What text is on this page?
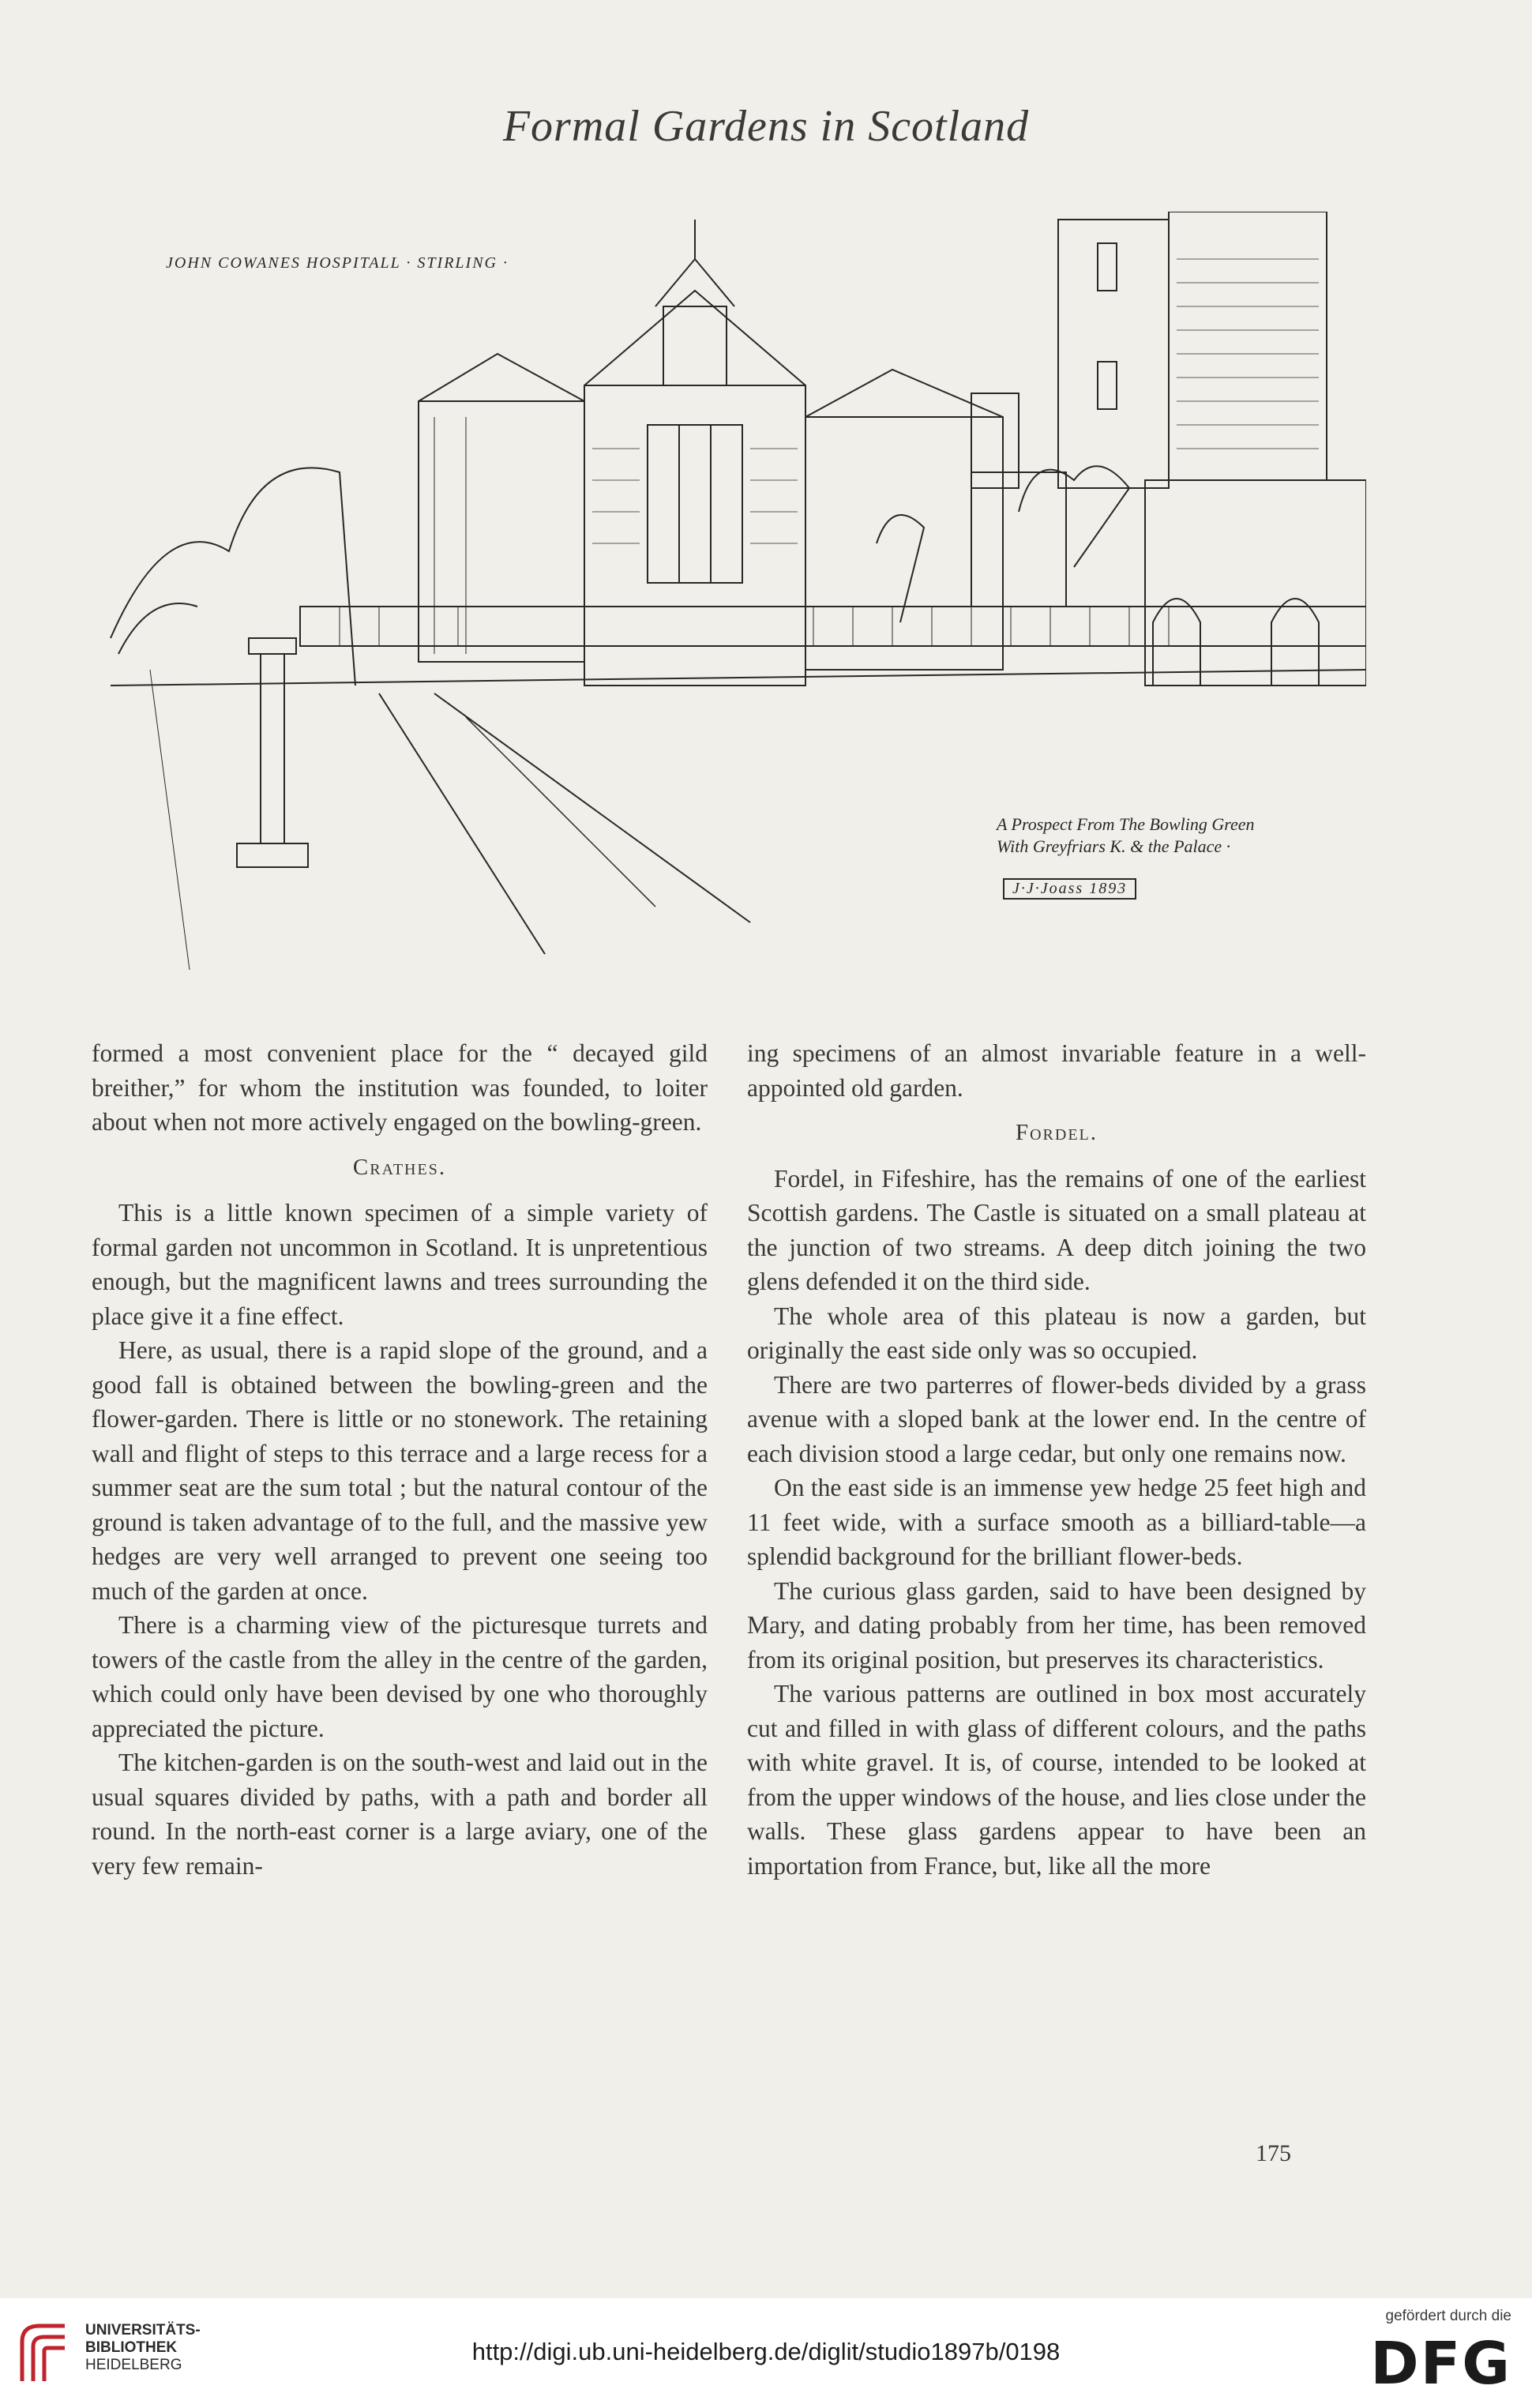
Formal Gardens in Scotland
JOHN COWANES HOSPITALL · STIRLING ·
A Prospect From The Bowling Green
With Greyfriars K. & the Palace ·
J·J·Joass 1893

formed a most convenient place for the “ decayed gild breither,” for whom the institution was founded, to loiter about when not more actively engaged on the bowling-green.

Crathes.

This is a little known specimen of a simple variety of formal garden not uncommon in Scotland. It is unpretentious enough, but the magnificent lawns and trees surrounding the place give it a fine effect.

Here, as usual, there is a rapid slope of the ground, and a good fall is obtained between the bowling-green and the flower-garden. There is little or no stonework. The retaining wall and flight of steps to this terrace and a large recess for a summer seat are the sum total ; but the natural contour of the ground is taken advantage of to the full, and the massive yew hedges are very well arranged to prevent one seeing too much of the garden at once.

There is a charming view of the picturesque turrets and towers of the castle from the alley in the centre of the garden, which could only have been devised by one who thoroughly appreciated the picture.

The kitchen-garden is on the south-west and laid out in the usual squares divided by paths, with a path and border all round. In the north-east corner is a large aviary, one of the very few remain-

ing specimens of an almost invariable feature in a well-appointed old garden.

Fordel.

Fordel, in Fifeshire, has the remains of one of the earliest Scottish gardens. The Castle is situated on a small plateau at the junction of two streams. A deep ditch joining the two glens defended it on the third side.

The whole area of this plateau is now a garden, but originally the east side only was so occupied.

There are two parterres of flower-beds divided by a grass avenue with a sloped bank at the lower end. In the centre of each division stood a large cedar, but only one remains now.

On the east side is an immense yew hedge 25 feet high and 11 feet wide, with a surface smooth as a billiard-table—a splendid background for the brilliant flower-beds.

The curious glass garden, said to have been designed by Mary, and dating probably from her time, has been removed from its original position, but preserves its characteristics.

The various patterns are outlined in box most accurately cut and filled in with glass of different colours, and the paths with white gravel. It is, of course, intended to be looked at from the upper windows of the house, and lies close under the walls. These glass gardens appear to have been an importation from France, but, like all the more

175
UNIVERSITÄTS-
BIBLIOTHEK
HEIDELBERG	http://digi.ub.uni-heidelberg.de/diglit/studio1897b/0198
gefördert durch die
DFG
